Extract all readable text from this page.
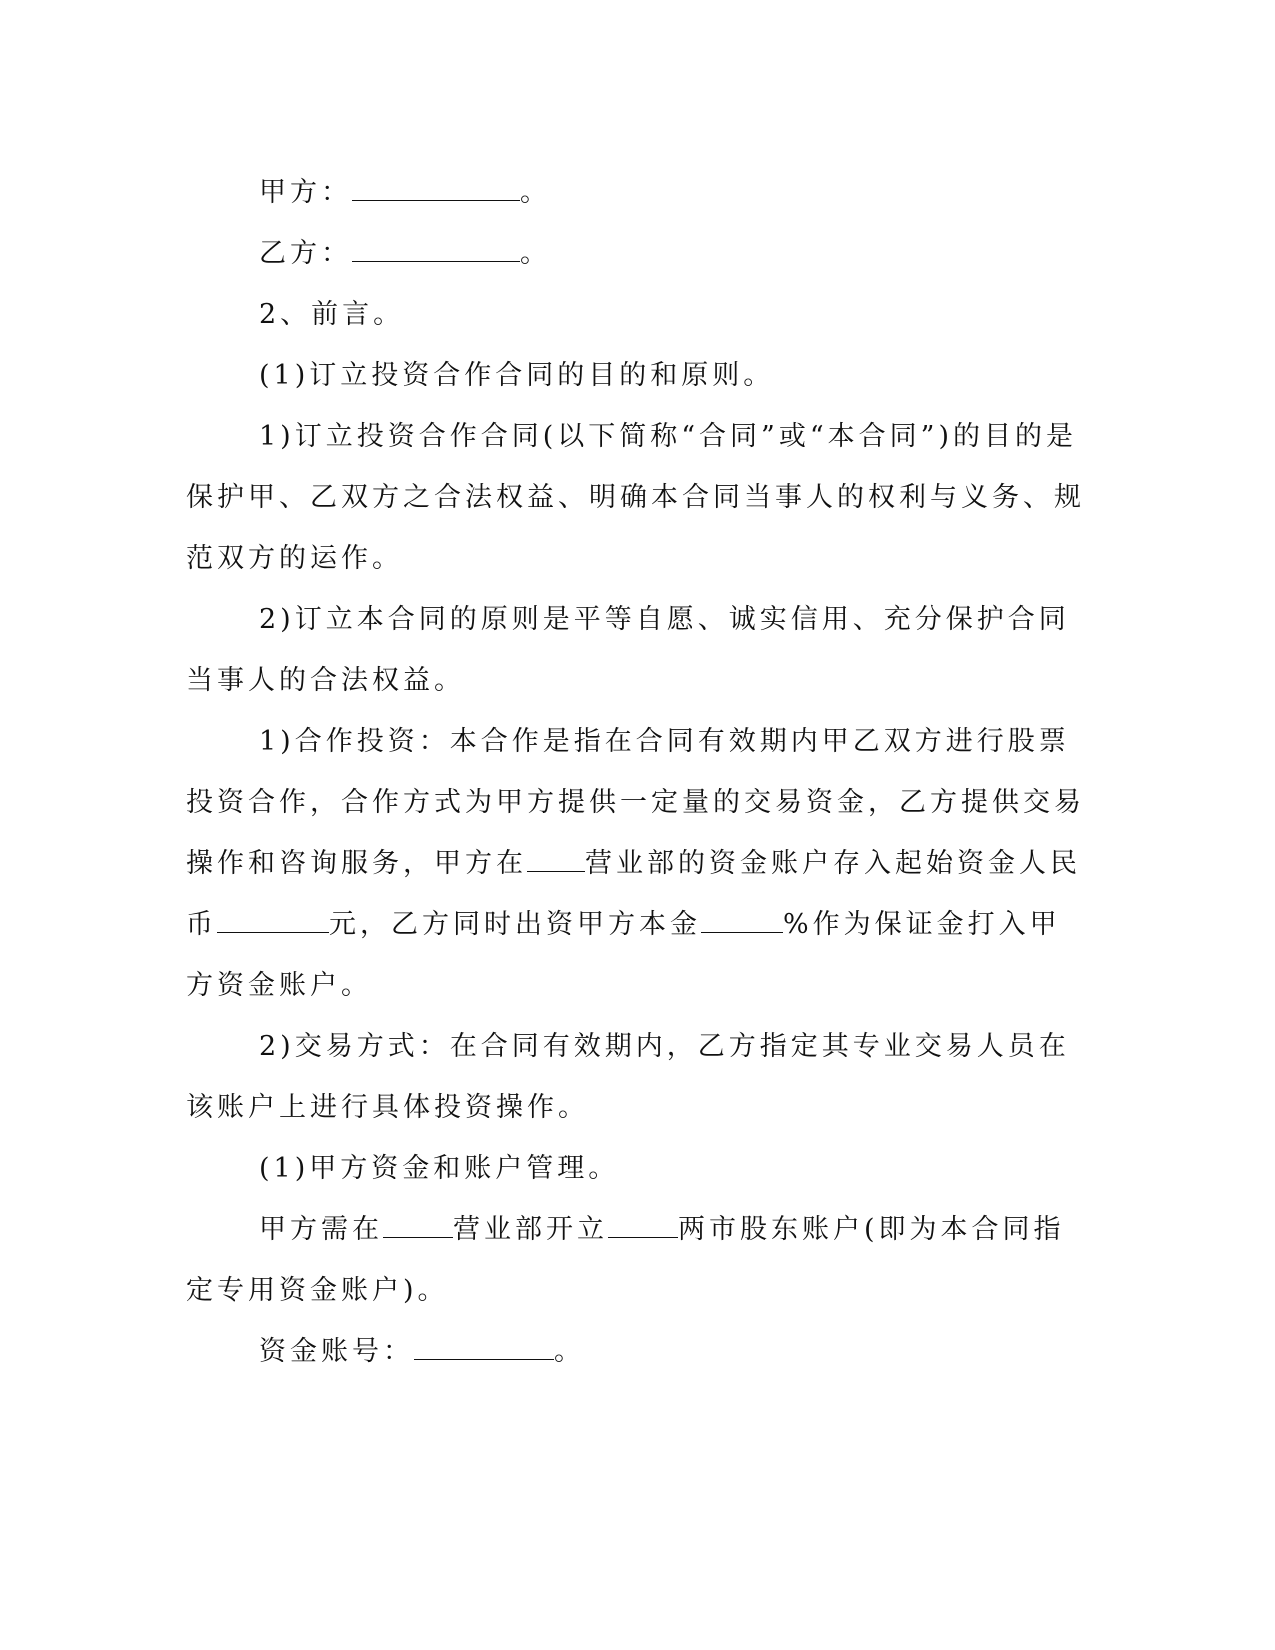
甲方：	。

乙方：	。

2、前言。

(1)订立投资合作合同的目的和原则。

1)订立投资合作合同(以下简称“合同”或“本合同”)的目的是保护甲、乙双方之合法权益、明确本合同当事人的权利与义务、规范双方的运作。

2)订立本合同的原则是平等自愿、诚实信用、充分保护合同当事人的合法权益。

1)合作投资：本合作是指在合同有效期内甲乙双方进行股票投资合作，合作方式为甲方提供一定量的交易资金，乙方提供交易操作和咨询服务，甲方在 营业部的资金账户存入起始资金人民币	元，乙方同时出资甲方本金	%作为保证金打入甲方资金账户。

2)交易方式：在合同有效期内，乙方指定其专业交易人员在该账户上进行具体投资操作。

(1)甲方资金和账户管理。

甲方需在	营业部开立	两市股东账户(即为本合同指定专用资金账户)。

资金账号：	。
